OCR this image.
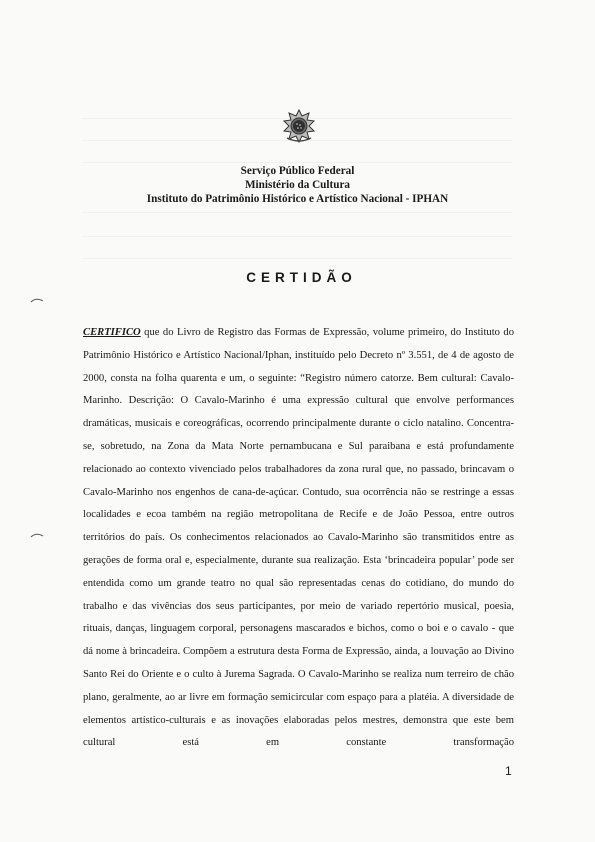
Serviço Público Federal
Ministério da Cultura
Instituto do Patrimônio Histórico e Artístico Nacional - IPHAN
CERTIDÃO

CERTIFICO que do Livro de Registro das Formas de Expressão, volume primeiro, do Instituto do Patrimônio Histórico e Artístico Nacional/Iphan, instituído pelo Decreto nº 3.551, de 4 de agosto de 2000, consta na folha quarenta e um, o seguinte: “Registro número catorze. Bem cultural: Cavalo-Marinho. Descrição: O Cavalo-Marinho é uma expressão cultural que envolve performances dramáticas, musicais e coreográficas, ocorrendo principalmente durante o ciclo natalino. Concentra-se, sobretudo, na Zona da Mata Norte pernambucana e Sul paraibana e está profundamente relacionado ao contexto vivenciado pelos trabalhadores da zona rural que, no passado, brincavam o Cavalo-Marinho nos engenhos de cana-de-açúcar. Contudo, sua ocorrência não se restringe a essas localidades e ecoa também na região metropolitana de Recife e de João Pessoa, entre outros territórios do país. Os conhecimentos relacionados ao Cavalo-Marinho são transmitidos entre as gerações de forma oral e, especialmente, durante sua realização. Esta ‘brincadeira popular’ pode ser entendida como um grande teatro no qual são representadas cenas do cotidiano, do mundo do trabalho e das vivências dos seus participantes, por meio de variado repertório musical, poesia, rituais, danças, linguagem corporal, personagens mascarados e bichos, como o boi e o cavalo - que dá nome à brincadeira. Compõem a estrutura desta Forma de Expressão, ainda, a louvação ao Divino Santo Rei do Oriente e o culto à Jurema Sagrada. O Cavalo-Marinho se realiza num terreiro de chão plano, geralmente, ao ar livre em formação semicircular com espaço para a platéia. A diversidade de elementos artístico-culturais e as inovações elaboradas pelos mestres, demonstra que este bem cultural está em constante transformação

1
